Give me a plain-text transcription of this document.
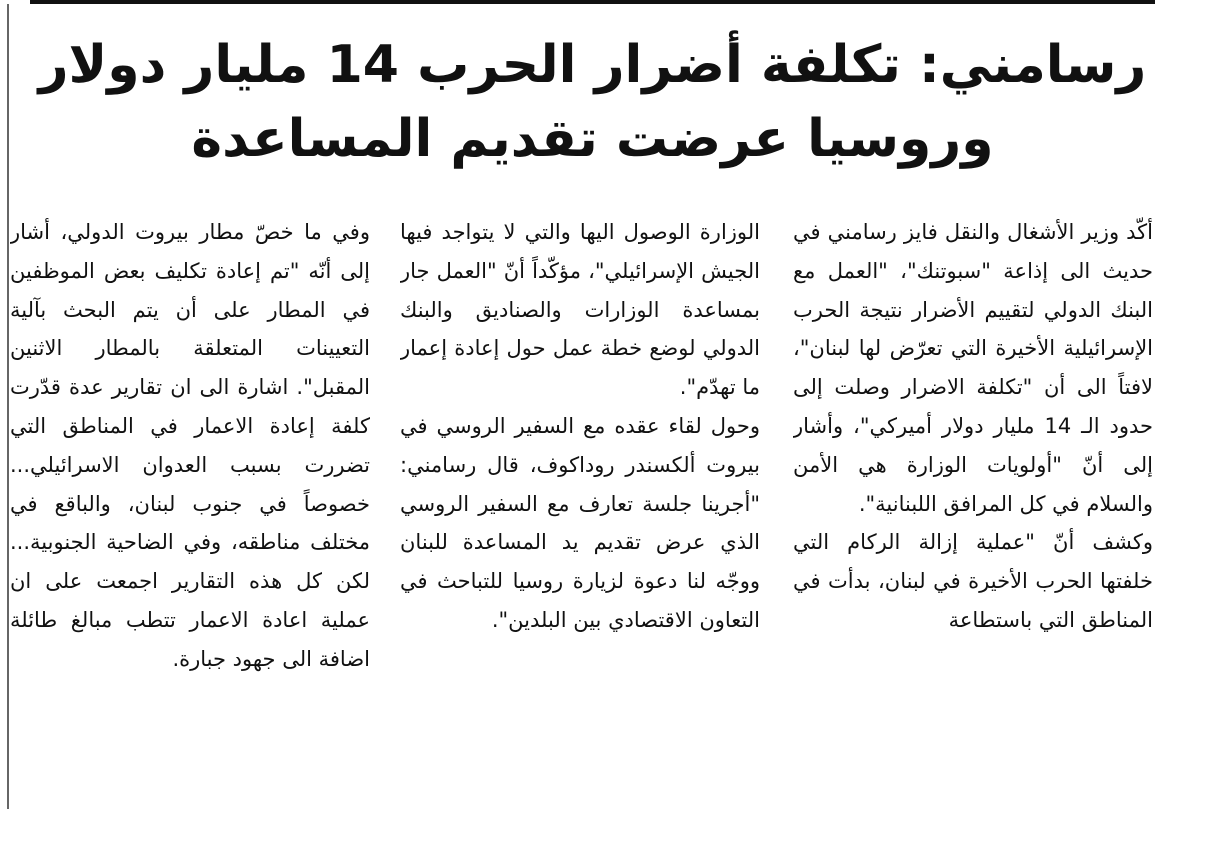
رسامني: تكلفة أضرار الحرب 14 مليار دولار
وروسيا عرضت تقديم المساعدة

أكّد وزير الأشغال والنقل فايز رسامني في حديث الى إذاعة "سبوتنك"، "العمل مع البنك الدولي لتقييم الأضرار نتيجة الحرب الإسرائيلية الأخيرة التي تعرّض لها لبنان"، لافتاً الى أن "تكلفة الاضرار وصلت إلى حدود الـ 14 مليار دولار أميركي"، وأشار إلى أنّ "أولويات الوزارة هي الأمن والسلام في كل المرافق اللبنانية".

وكشف أنّ "عملية إزالة الركام التي خلفتها الحرب الأخيرة في لبنان، بدأت في المناطق التي باستطاعة

الوزارة الوصول اليها والتي لا يتواجد فيها الجيش الإسرائيلي"، مؤكّداً أنّ "العمل جار بمساعدة الوزارات والصناديق والبنك الدولي لوضع خطة عمل حول إعادة إعمار ما تهدّم".

وحول لقاء عقده مع السفير الروسي في بيروت ألكسندر روداكوف، قال رسامني: "أجرينا جلسة تعارف مع السفير الروسي الذي عرض تقديم يد المساعدة للبنان ووجّه لنا دعوة لزيارة روسيا للتباحث في التعاون الاقتصادي بين البلدين".

وفي ما خصّ مطار بيروت الدولي، أشار إلى أنّه "تم إعادة تكليف بعض الموظفين في المطار على أن يتم البحث بآلية التعيينات المتعلقة بالمطار الاثنين المقبل". اشارة الى ان تقارير عدة قدّرت كلفة إعادة الاعمار في المناطق التي تضررت بسبب العدوان الاسرائيلي... خصوصاً في جنوب لبنان، والباقع في مختلف مناطقه، وفي الضاحية الجنوبية... لكن كل هذه التقارير اجمعت على ان عملية اعادة الاعمار تتطب مبالغ طائلة اضافة الى جهود جبارة.
